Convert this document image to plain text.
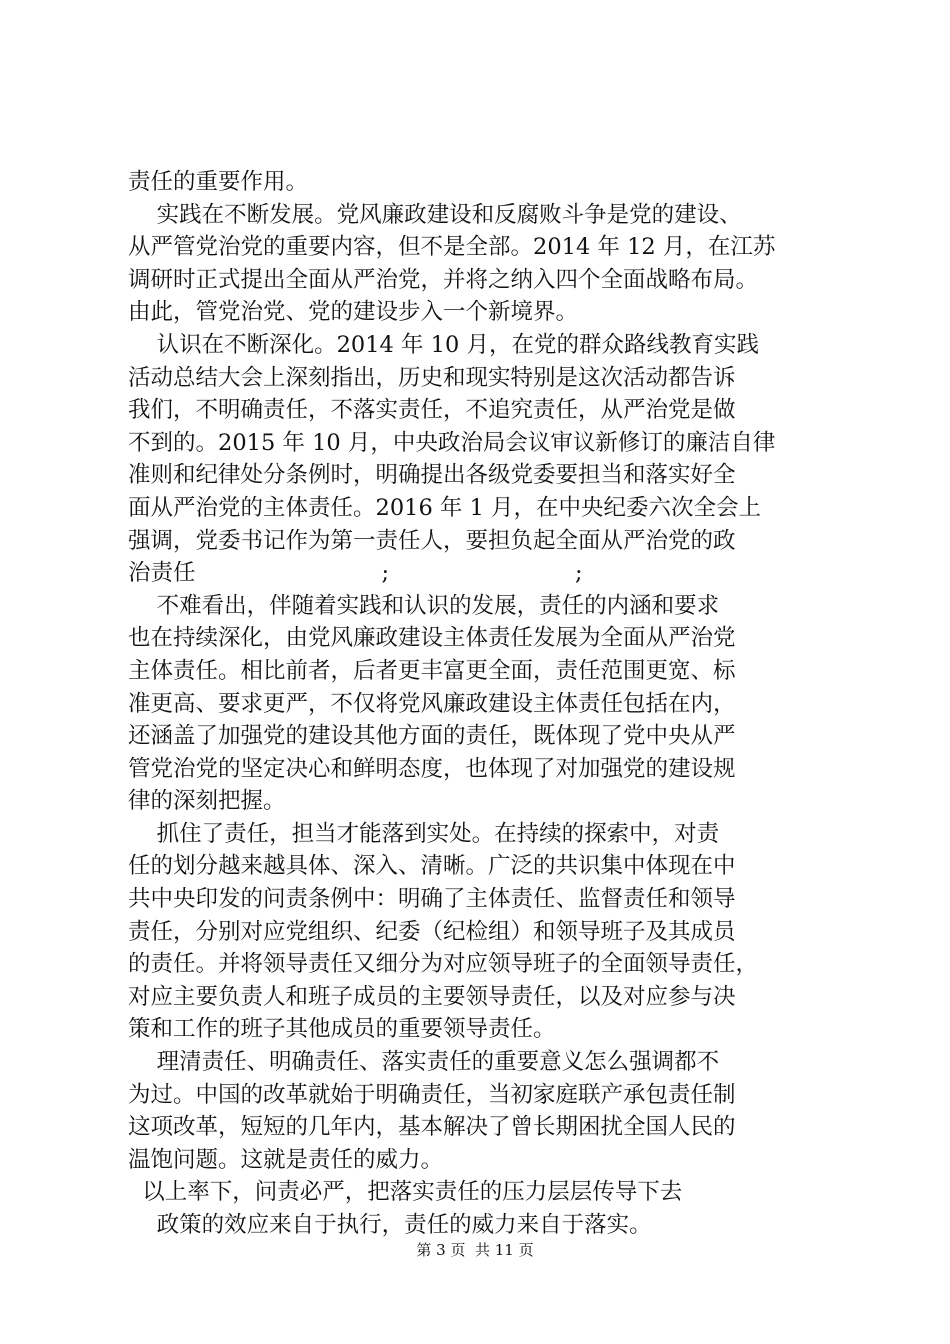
责任的重要作用。
实践在不断发展。党风廉政建设和反腐败斗争是党的建设、
从严管党治党的重要内容，但不是全部。2014 年 12 月，在江苏
调研时正式提出全面从严治党，并将之纳入四个全面战略布局。
由此，管党治党、党的建设步入一个新境界。
认识在不断深化。2014 年 10 月，在党的群众路线教育实践
活动总结大会上深刻指出，历史和现实特别是这次活动都告诉
我们，不明确责任，不落实责任，不追究责任，从严治党是做
不到的。2015 年 10 月，中央政治局会议审议新修订的廉洁自律
准则和纪律处分条例时，明确提出各级党委要担当和落实好全
面从严治党的主体责任。2016 年 1 月，在中央纪委六次全会上
强调，党委书记作为第一责任人，要担负起全面从严治党的政
治责任                          ;                          ;
不难看出，伴随着实践和认识的发展，责任的内涵和要求
也在持续深化，由党风廉政建设主体责任发展为全面从严治党
主体责任。相比前者，后者更丰富更全面，责任范围更宽、标
准更高、要求更严，不仅将党风廉政建设主体责任包括在内，
还涵盖了加强党的建设其他方面的责任，既体现了党中央从严
管党治党的坚定决心和鲜明态度，也体现了对加强党的建设规
律的深刻把握。
抓住了责任，担当才能落到实处。在持续的探索中，对责
任的划分越来越具体、深入、清晰。广泛的共识集中体现在中
共中央印发的问责条例中：明确了主体责任、监督责任和领导
责任，分别对应党组织、纪委（纪检组）和领导班子及其成员
的责任。并将领导责任又细分为对应领导班子的全面领导责任，
对应主要负责人和班子成员的主要领导责任，以及对应参与决
策和工作的班子其他成员的重要领导责任。
理清责任、明确责任、落实责任的重要意义怎么强调都不
为过。中国的改革就始于明确责任，当初家庭联产承包责任制
这项改革，短短的几年内，基本解决了曾长期困扰全国人民的
温饱问题。这就是责任的威力。
以上率下，问责必严，把落实责任的压力层层传导下去
政策的效应来自于执行，责任的威力来自于落实。
第 3 页  共 11 页
